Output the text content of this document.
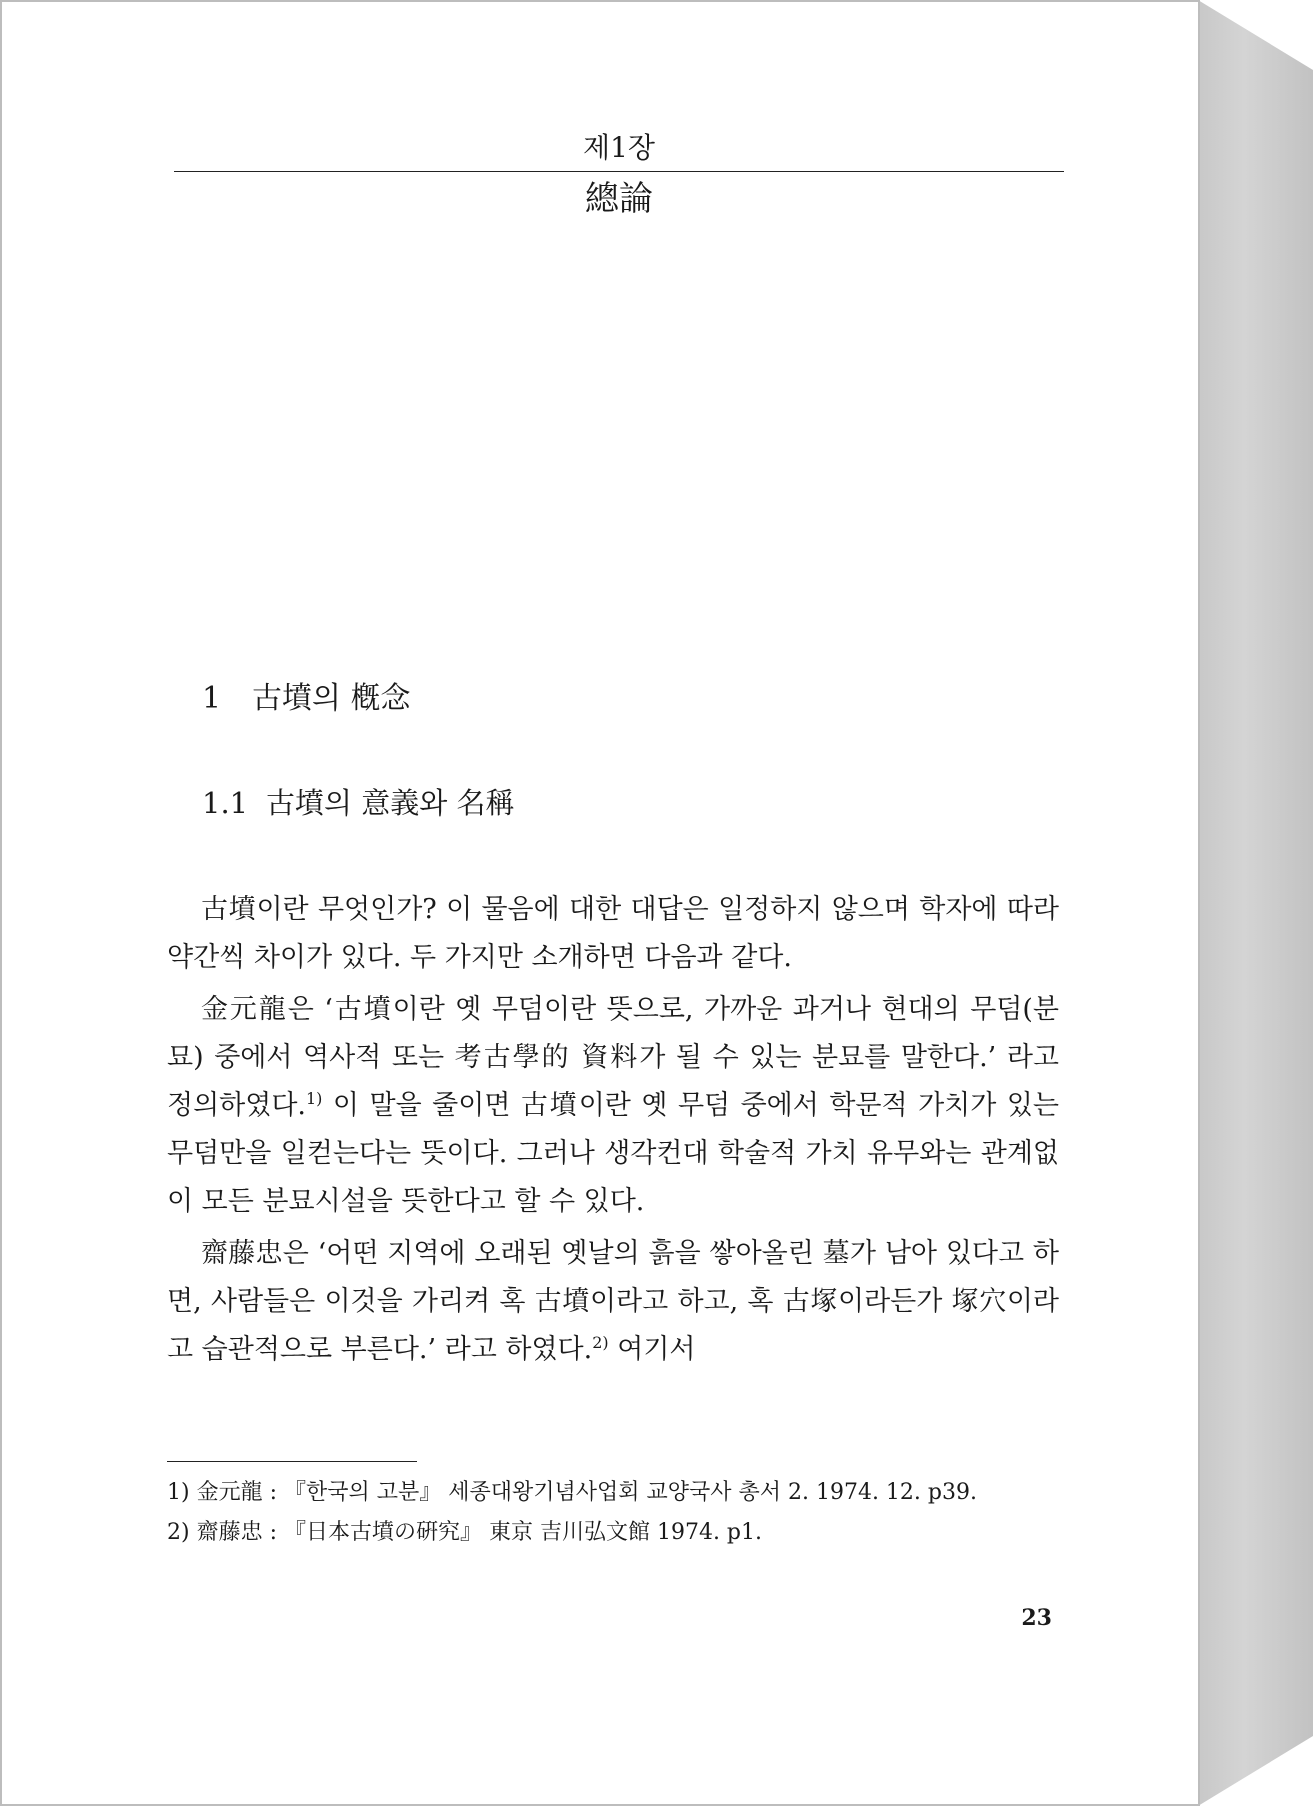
제1장
總論
1 古墳의 槪念
1.1 古墳의 意義와 名稱

古墳이란 무엇인가? 이 물음에 대한 대답은 일정하지 않으며 학자에 따라 약간씩 차이가 있다. 두 가지만 소개하면 다음과 같다.

金元龍은 ‘古墳이란 옛 무덤이란 뜻으로, 가까운 과거나 현대의 무덤(분묘) 중에서 역사적 또는 考古學的 資料가 될 수 있는 분묘를 말한다.’ 라고 정의하였다.$^{1)}$ 이 말을 줄이면 古墳이란 옛 무덤 중에서 학문적 가치가 있는 무덤만을 일컫는다는 뜻이다. 그러나 생각컨대 학술적 가치 유무와는 관계없이 모든 분묘시설을 뜻한다고 할 수 있다.

齋藤忠은 ‘어떤 지역에 오래된 옛날의 흙을 쌓아올린 墓가 남아 있다고 하면, 사람들은 이것을 가리켜 혹 古墳이라고 하고, 혹 古塚이라든가 塚穴이라고 습관적으로 부른다.’ 라고 하였다.$^{2)}$ 여기서

1) 金元龍 : 『한국의 고분』 세종대왕기념사업회 교양국사 총서 2. 1974. 12. p39.
2) 齋藤忠 : 『日本古墳の硏究』 東京 吉川弘文館 1974. p1.
23
